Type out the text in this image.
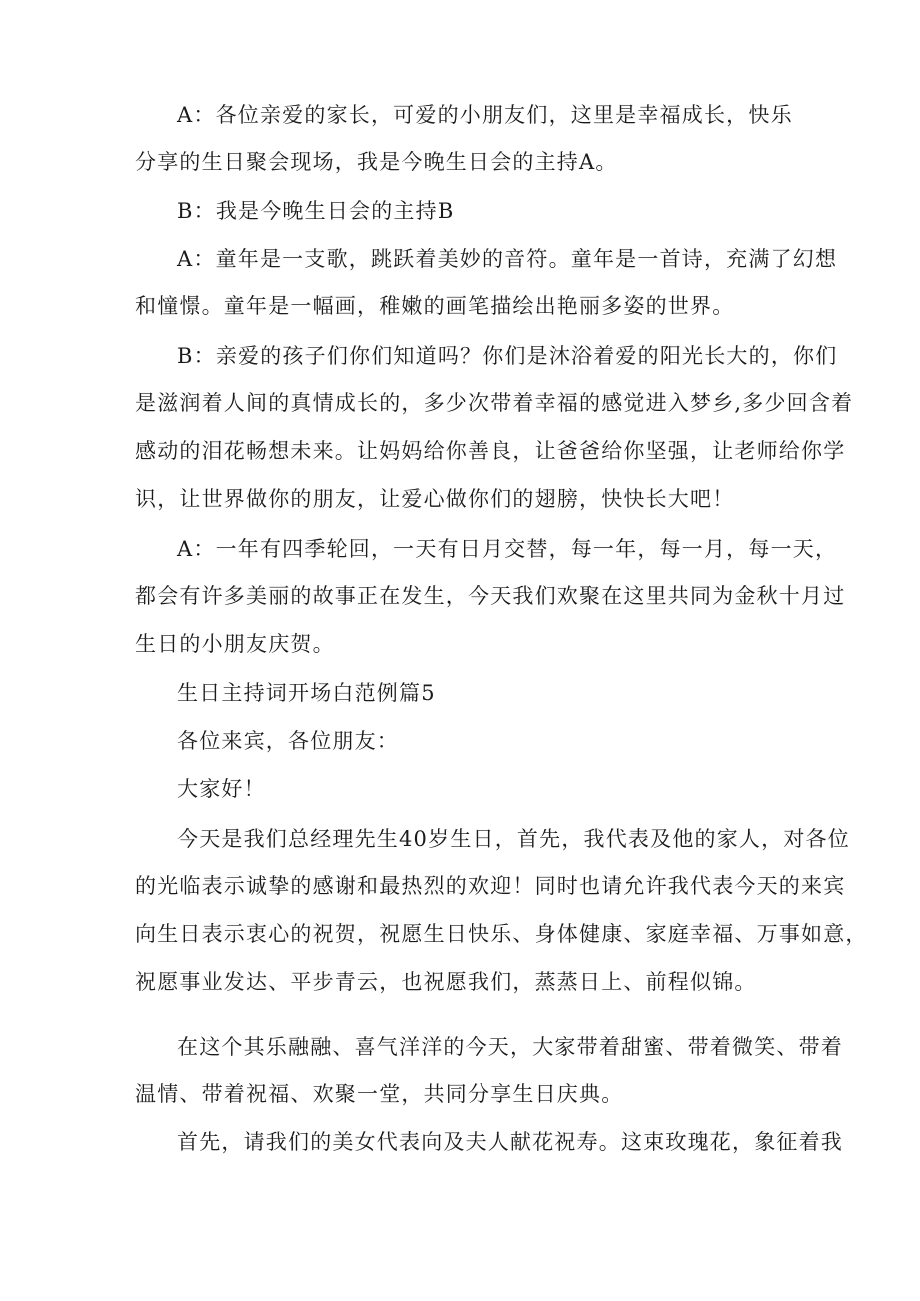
A：各位亲爱的家长，可爱的小朋友们，这里是幸福成长，快乐
分享的生日聚会现场，我是今晚生日会的主持A。
B：我是今晚生日会的主持B
A：童年是一支歌，跳跃着美妙的音符。童年是一首诗，充满了幻想
和憧憬。童年是一幅画，稚嫩的画笔描绘出艳丽多姿的世界。
B：亲爱的孩子们你们知道吗？你们是沐浴着爱的阳光长大的，你们
是滋润着人间的真情成长的，多少次带着幸福的感觉进入梦乡,多少回含着
感动的泪花畅想未来。让妈妈给你善良，让爸爸给你坚强，让老师给你学
识，让世界做你的朋友，让爱心做你们的翅膀，快快长大吧！
A：一年有四季轮回，一天有日月交替，每一年，每一月，每一天，
都会有许多美丽的故事正在发生，今天我们欢聚在这里共同为金秋十月过
生日的小朋友庆贺。
生日主持词开场白范例篇5
各位来宾，各位朋友：
大家好！
今天是我们总经理先生40岁生日，首先，我代表及他的家人，对各位
的光临表示诚挚的感谢和最热烈的欢迎！同时也请允许我代表今天的来宾
向生日表示衷心的祝贺，祝愿生日快乐、身体健康、家庭幸福、万事如意，
祝愿事业发达、平步青云，也祝愿我们，蒸蒸日上、前程似锦。
在这个其乐融融、喜气洋洋的今天，大家带着甜蜜、带着微笑、带着
温情、带着祝福、欢聚一堂，共同分享生日庆典。
首先，请我们的美女代表向及夫人献花祝寿。这束玫瑰花，象征着我
